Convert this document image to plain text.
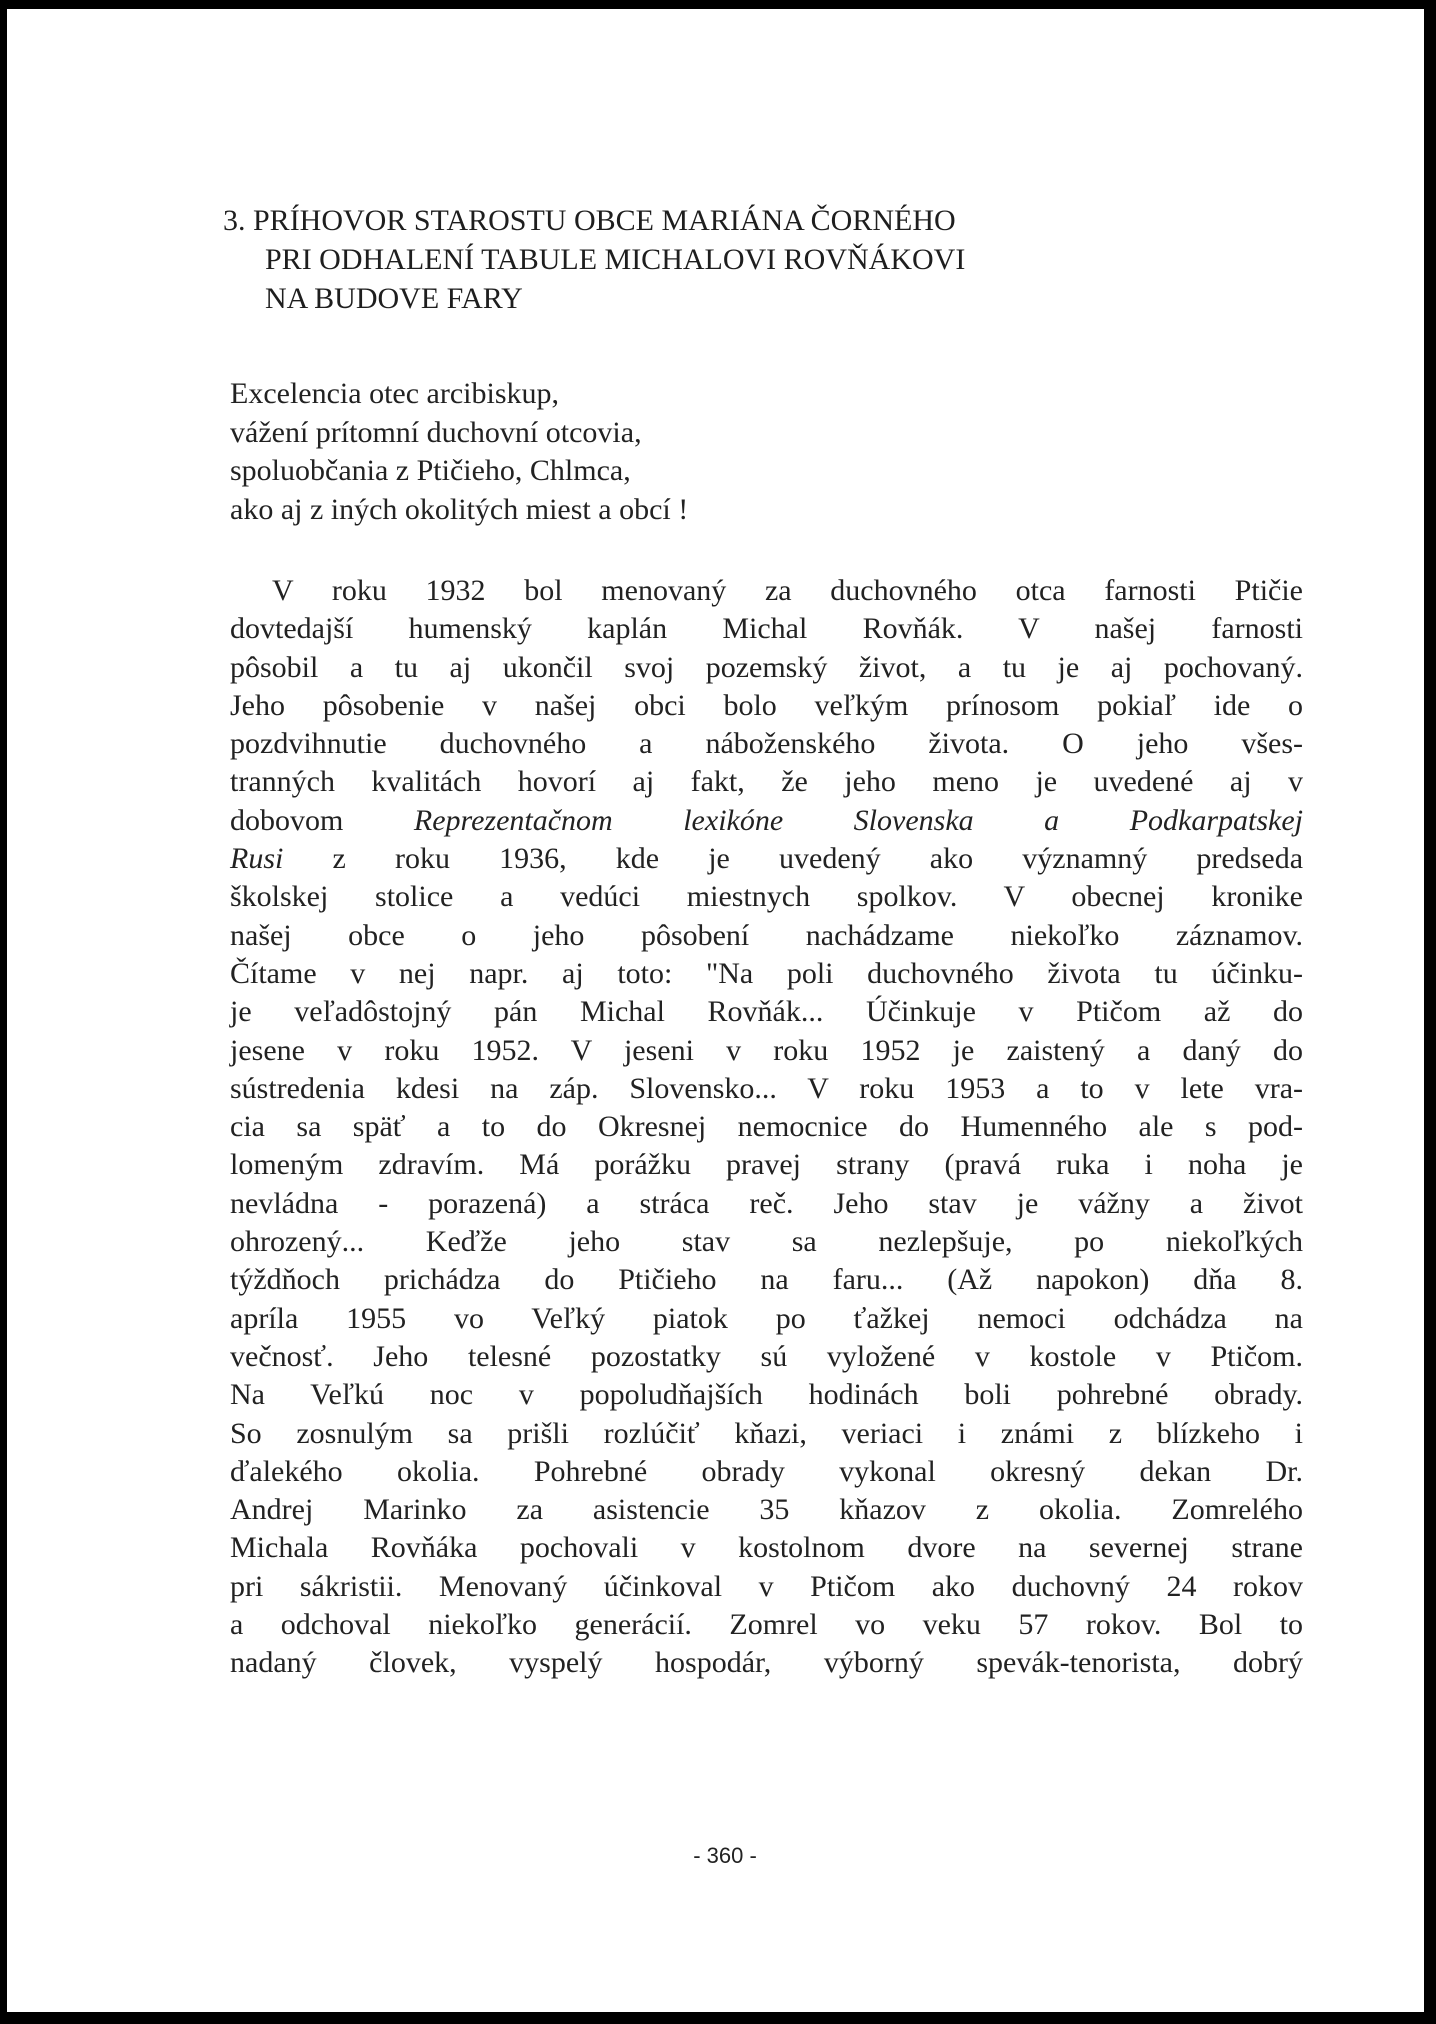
3. PRÍHOVOR STAROSTU OBCE MARIÁNA ČORNÉHO
PRI ODHALENÍ TABULE MICHALOVI ROVŇÁKOVI
NA BUDOVE FARY
Excelencia otec arcibiskup,
vážení prítomní duchovní otcovia,
spoluobčania z Ptičieho, Chlmca,
ako aj z iných okolitých miest a obcí !
V roku 1932 bol menovaný za duchovného otca farnosti Ptičie
dovtedajší humenský kaplán Michal Rovňák. V našej farnosti
pôsobil a tu aj ukončil svoj pozemský život, a tu je aj pochovaný.
Jeho pôsobenie v našej obci bolo veľkým prínosom pokiaľ ide o
pozdvihnutie duchovného a náboženského života. O jeho všes-
tranných kvalitách hovorí aj fakt, že jeho meno je uvedené aj v
dobovom Reprezentačnom lexikóne Slovenska a Podkarpatskej
Rusi z roku 1936, kde je uvedený ako významný predseda
školskej stolice a vedúci miestnych spolkov. V obecnej kronike
našej obce o jeho pôsobení nachádzame niekoľko záznamov.
Čítame v nej napr. aj toto: "Na poli duchovného života tu účinku-
je veľadôstojný pán Michal Rovňák... Účinkuje v Ptičom až do
jesene v roku 1952. V jeseni v roku 1952 je zaistený a daný do
sústredenia kdesi na záp. Slovensko... V roku 1953 a to v lete vra-
cia sa späť a to do Okresnej nemocnice do Humenného ale s pod-
lomeným zdravím. Má porážku pravej strany (pravá ruka i noha je
nevládna - porazená) a stráca reč. Jeho stav je vážny a život
ohrozený... Keďže jeho stav sa nezlepšuje, po niekoľkých
týždňoch prichádza do Ptičieho na faru... (Až napokon) dňa 8.
apríla 1955 vo Veľký piatok po ťažkej nemoci odchádza na
večnosť. Jeho telesné pozostatky sú vyložené v kostole v Ptičom.
Na Veľkú noc v popoludňajších hodinách boli pohrebné obrady.
So zosnulým sa prišli rozlúčiť kňazi, veriaci i známi z blízkeho i
ďalekého okolia. Pohrebné obrady vykonal okresný dekan Dr.
Andrej Marinko za asistencie 35 kňazov z okolia. Zomrelého
Michala Rovňáka pochovali v kostolnom dvore na severnej strane
pri sákristii. Menovaný účinkoval v Ptičom ako duchovný 24 rokov
a odchoval niekoľko generácií. Zomrel vo veku 57 rokov. Bol to
nadaný človek, vyspelý hospodár, výborný spevák-tenorista, dobrý
- 360 -
